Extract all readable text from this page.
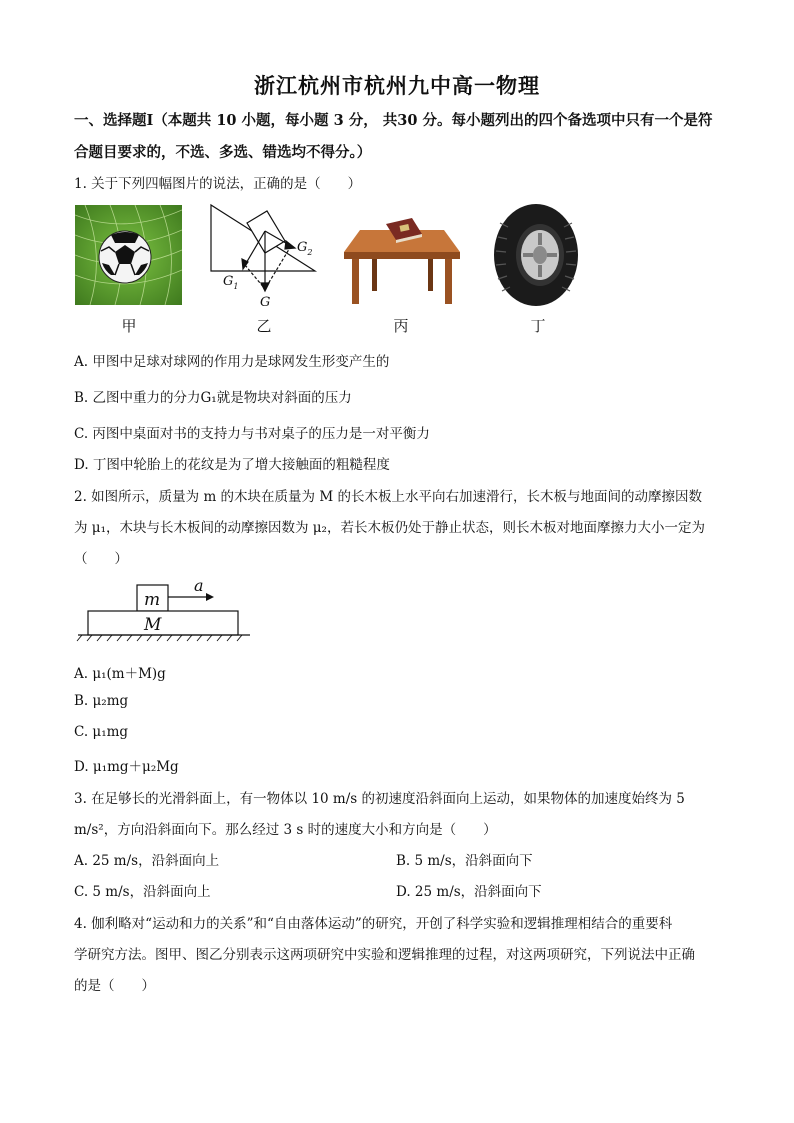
浙江杭州市杭州九中高一物理
一、选择题I（本题共 10 小题，每小题 3 分， 共30 分。每小题列出的四个备选项中只有一个是符合题目要求的，不选、多选、错选均不得分。）
1. 关于下列四幅图片的说法，正确的是（　　）
$G_2$
$G_1$
G
甲	乙	丙	丁
A. 甲图中足球对球网的作用力是球网发生形变产生的
B. 乙图中重力的分力G₁就是物块对斜面的压力
C. 丙图中桌面对书的支持力与书对桌子的压力是一对平衡力
D. 丁图中轮胎上的花纹是为了增大接触面的粗糙程度
2. 如图所示，质量为 m 的木块在质量为 M 的长木板上水平向右加速滑行，长木板与地面间的动摩擦因数
为 μ₁，木块与长木板间的动摩擦因数为 μ₂，若长木板仍处于静止状态，则长木板对地面摩擦力大小一定为
（　　）
m
M
a
A. μ₁(m＋M)g
B. μ₂mg
C. μ₁mg
D. μ₁mg＋μ₂Mg
3. 在足够长的光滑斜面上，有一物体以 10 m/s 的初速度沿斜面向上运动，如果物体的加速度始终为 5
m/s²，方向沿斜面向下。那么经过 3 s 时的速度大小和方向是（　　）
A. 25 m/s，沿斜面向上	B. 5 m/s，沿斜面向下
C. 5 m/s，沿斜面向上	D. 25 m/s，沿斜面向下
4. 伽利略对“运动和力的关系”和“自由落体运动”的研究，开创了科学实验和逻辑推理相结合的重要科
学研究方法。图甲、图乙分别表示这两项研究中实验和逻辑推理的过程，对这两项研究，下列说法中正确
的是（　　）
